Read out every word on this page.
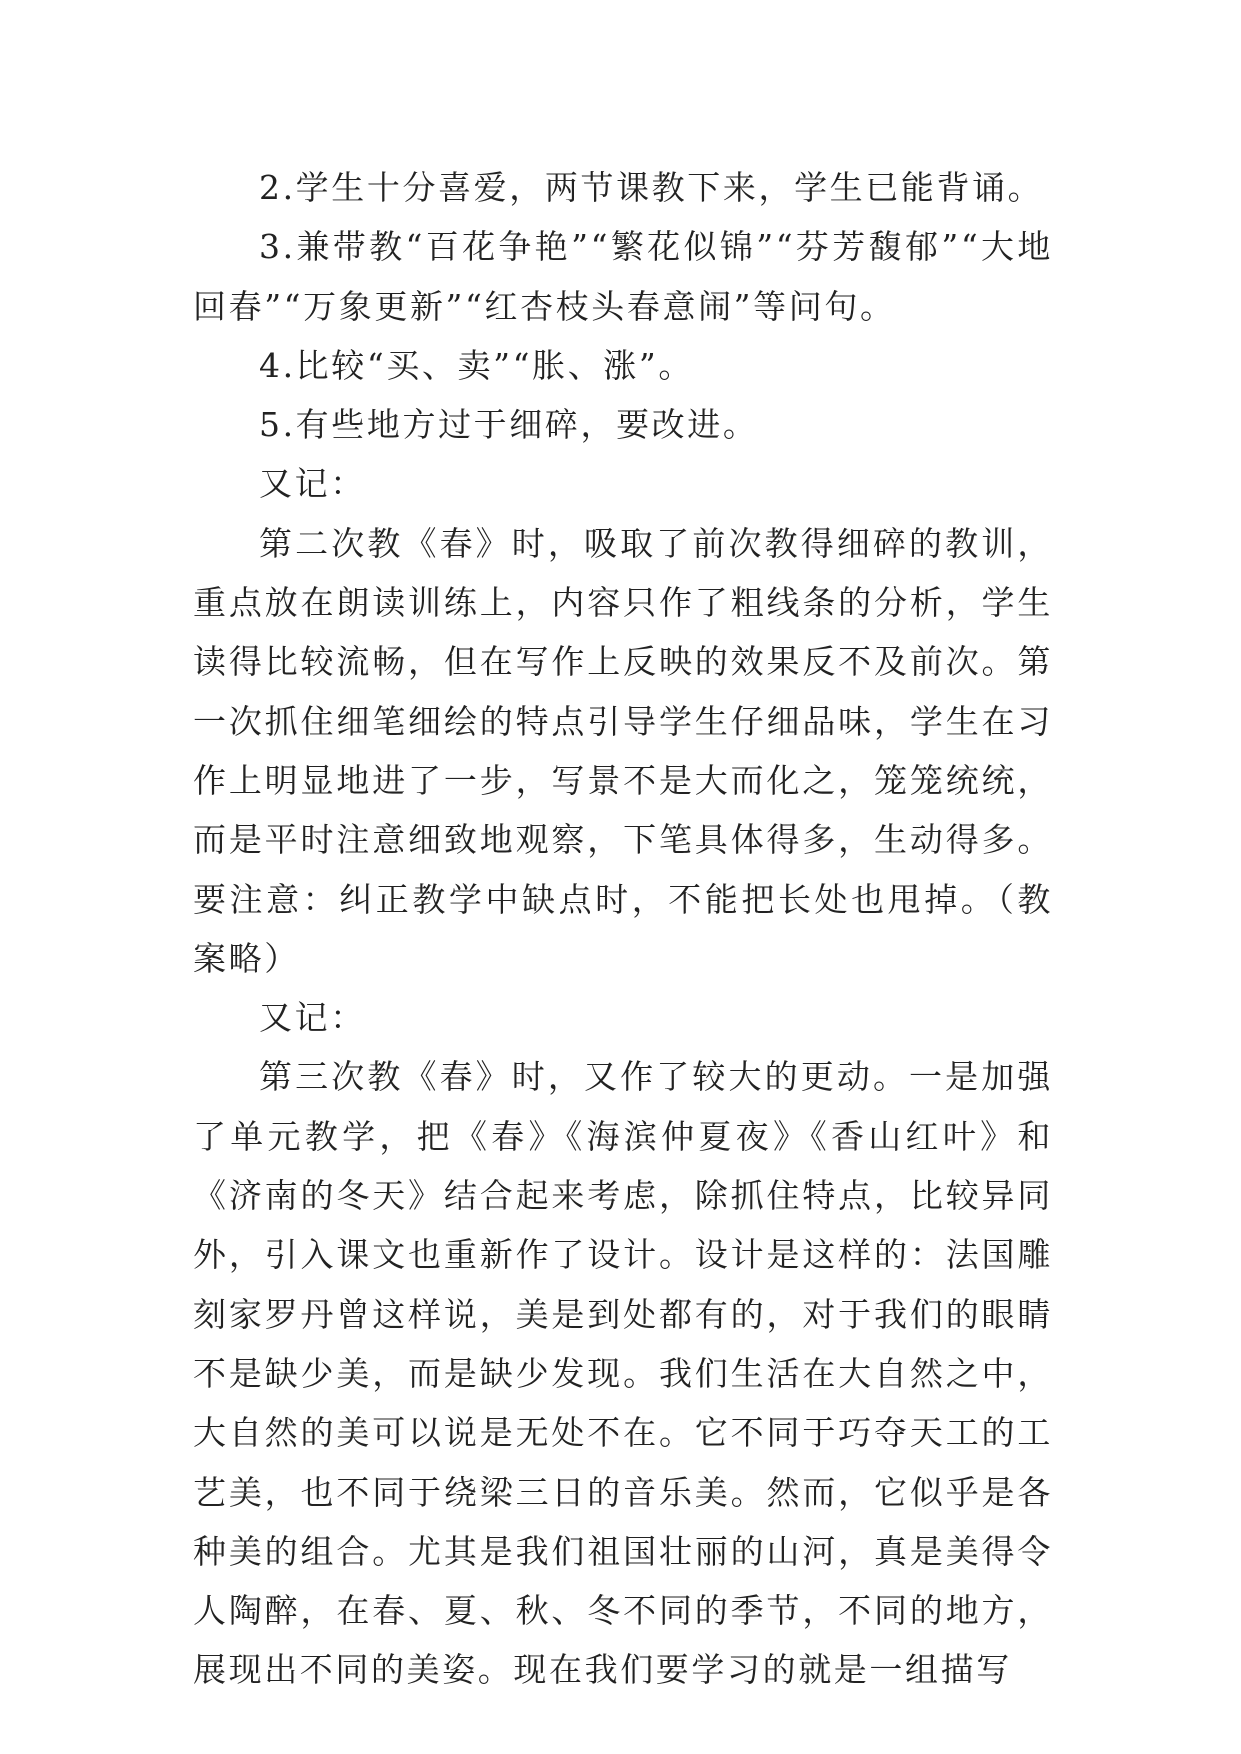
2.学生十分喜爱，两节课教下来，学生已能背诵。

3.兼带教“百花争艳”“繁花似锦”“芬芳馥郁”“大地回春”“万象更新”“红杏枝头春意闹”等问句。

4.比较“买、卖”“胀、涨”。

5.有些地方过于细碎，要改进。

又记：

第二次教《春》时，吸取了前次教得细碎的教训，重点放在朗读训练上，内容只作了粗线条的分析，学生读得比较流畅，但在写作上反映的效果反不及前次。第一次抓住细笔细绘的特点引导学生仔细品味，学生在习作上明显地进了一步，写景不是大而化之，笼笼统统，而是平时注意细致地观察，下笔具体得多，生动得多。要注意：纠正教学中缺点时，不能把长处也甩掉。（教案略）

又记：

第三次教《春》时，又作了较大的更动。一是加强了单元教学，把《春》《海滨仲夏夜》《香山红叶》和《济南的冬天》结合起来考虑，除抓住特点，比较异同外，引入课文也重新作了设计。设计是这样的：法国雕刻家罗丹曾这样说，美是到处都有的，对于我们的眼睛不是缺少美，而是缺少发现。我们生活在大自然之中，大自然的美可以说是无处不在。它不同于巧夺天工的工艺美，也不同于绕梁三日的音乐美。然而，它似乎是各种美的组合。尤其是我们祖国壮丽的山河，真是美得令人陶醉，在春、夏、秋、冬不同的季节，不同的地方，展现出不同的美姿。现在我们要学习的就是一组描写
